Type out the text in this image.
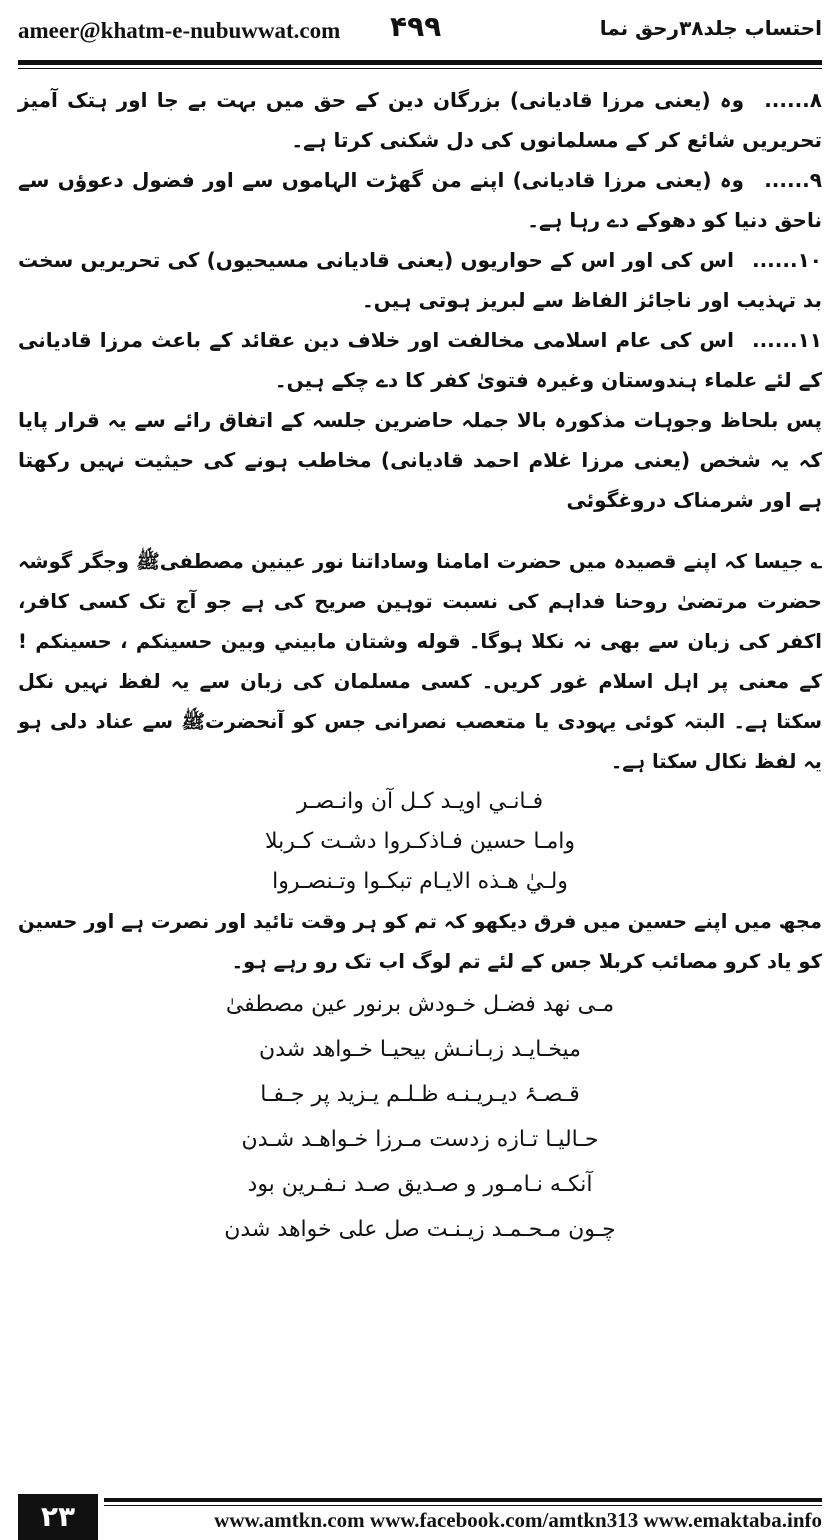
ameer@khatm-e-nubuwwat.com ۴۹۹	احتساب جلد۳۸رحق نما

۸......وہ (یعنی مرزا قادیانی) بزرگان دین کے حق میں بہت بے جا اور ہتک آمیز تحریریں شائع کر کے مسلمانوں کی دل شکنی کرتا ہے۔

۹......وہ (یعنی مرزا قادیانی) اپنے من گھڑت الہاموں سے اور فضول دعوؤں سے ناحق دنیا کو دھوکے دے رہا ہے۔

۱۰......اس کی اور اس کے حواریوں (یعنی قادیانی مسیحیوں) کی تحریریں سخت بد تہذیب اور ناجائز الفاظ سے لبریز ہوتی ہیں۔

۱۱......اس کی عام اسلامی مخالفت اور خلاف دین عقائد کے باعث مرزا قادیانی کے لئے علماء ہندوستان وغیرہ فتویٰ کفر کا دے چکے ہیں۔

پس بلحاظ وجوہات مذکورہ بالا جملہ حاضرین جلسہ کے اتفاق رائے سے یہ قرار پایا کہ یہ شخص (یعنی مرزا غلام احمد قادیانی) مخاطب ہونے کی حیثیت نہیں رکھتا ہے اور شرمناک دروغگوئی

؎ جیسا کہ اپنے قصیدہ میں حضرت امامنا وساداتنا نور عینین مصطفیﷺ وجگر گوشہ حضرت مرتضیٰ روحنا فداہم کی نسبت توہین صریح کی ہے جو آج تک کسی کافر، اکفر کی زبان سے بھی نہ نکلا ہوگا۔ قوله وشتان مابيني وبين حسينكم ، حسينكم ! کے معنی پر اہل اسلام غور کریں۔ کسی مسلمان کی زبان سے یہ لفظ نہیں نکل سکتا ہے۔ البتہ کوئی یہودی یا متعصب نصرانی جس کو آنحضرتﷺ سے عناد دلی ہو یہ لفظ نکال سکتا ہے۔

فـانـي اويـد كـل آن وانـصـر

وامـا حسين فـاذكـروا دشـت كـربلا

ولـيٰ هـذه الايـام تبكـوا وتـنصـروا

مجھ میں اپنے حسین میں فرق دیکھو کہ تم کو ہر وقت تائید اور نصرت ہے اور حسین کو یاد کرو مصائب کربلا جس کے لئے تم لوگ اب تک رو رہے ہو۔

مـی نهد فضـل خـودش برنور عین مصطفیٰ

میخـایـد زبـانـش بیحیـا خـواهد شدن

قـصـۂ دیـریـنـه ظـلـم یـزید پر جـفـا

حـالیـا تـازه زدست مـرزا خـواهـد شـدن

آنکـه نـامـور و صـدیق صـد نـفـرین بود

چـون مـحـمـد زیـنـت صل علی خواهد شدن

۲۳	www.amtkn.com www.facebook.com/amtkn313 www.emaktaba.info
